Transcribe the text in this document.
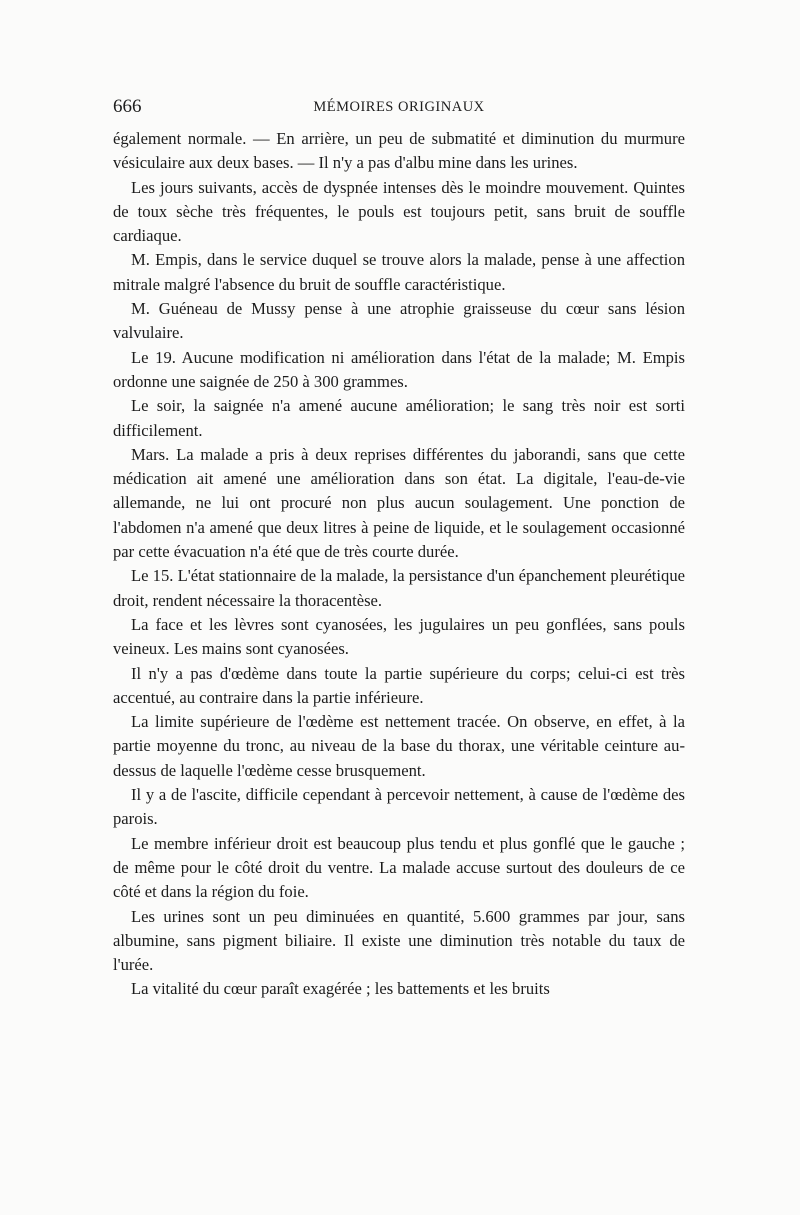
666	MÉMOIRES ORIGINAUX

également normale. — En arrière, un peu de submatité et diminution du murmure vésiculaire aux deux bases. — Il n'y a pas d'albu mine dans les urines.

Les jours suivants, accès de dyspnée intenses dès le moindre mouvement. Quintes de toux sèche très fréquentes, le pouls est toujours petit, sans bruit de souffle cardiaque.

M. Empis, dans le service duquel se trouve alors la malade, pense à une affection mitrale malgré l'absence du bruit de souffle caractéristique.

M. Guéneau de Mussy pense à une atrophie graisseuse du cœur sans lésion valvulaire.

Le 19. Aucune modification ni amélioration dans l'état de la malade; M. Empis ordonne une saignée de 250 à 300 grammes.

Le soir, la saignée n'a amené aucune amélioration; le sang très noir est sorti difficilement.

Mars. La malade a pris à deux reprises différentes du jaborandi, sans que cette médication ait amené une amélioration dans son état. La digitale, l'eau-de-vie allemande, ne lui ont procuré non plus aucun soulagement. Une ponction de l'abdomen n'a amené que deux litres à peine de liquide, et le soulagement occasionné par cette évacuation n'a été que de très courte durée.

Le 15. L'état stationnaire de la malade, la persistance d'un épanchement pleurétique droit, rendent nécessaire la thoracentèse.

La face et les lèvres sont cyanosées, les jugulaires un peu gonflées, sans pouls veineux. Les mains sont cyanosées.

Il n'y a pas d'œdème dans toute la partie supérieure du corps; celui-ci est très accentué, au contraire dans la partie inférieure.

La limite supérieure de l'œdème est nettement tracée. On observe, en effet, à la partie moyenne du tronc, au niveau de la base du thorax, une véritable ceinture au-dessus de laquelle l'œdème cesse brusquement.

Il y a de l'ascite, difficile cependant à percevoir nettement, à cause de l'œdème des parois.

Le membre inférieur droit est beaucoup plus tendu et plus gonflé que le gauche ; de même pour le côté droit du ventre. La malade accuse surtout des douleurs de ce côté et dans la région du foie.

Les urines sont un peu diminuées en quantité, 5.600 grammes par jour, sans albumine, sans pigment biliaire. Il existe une diminution très notable du taux de l'urée.

La vitalité du cœur paraît exagérée ; les battements et les bruits
